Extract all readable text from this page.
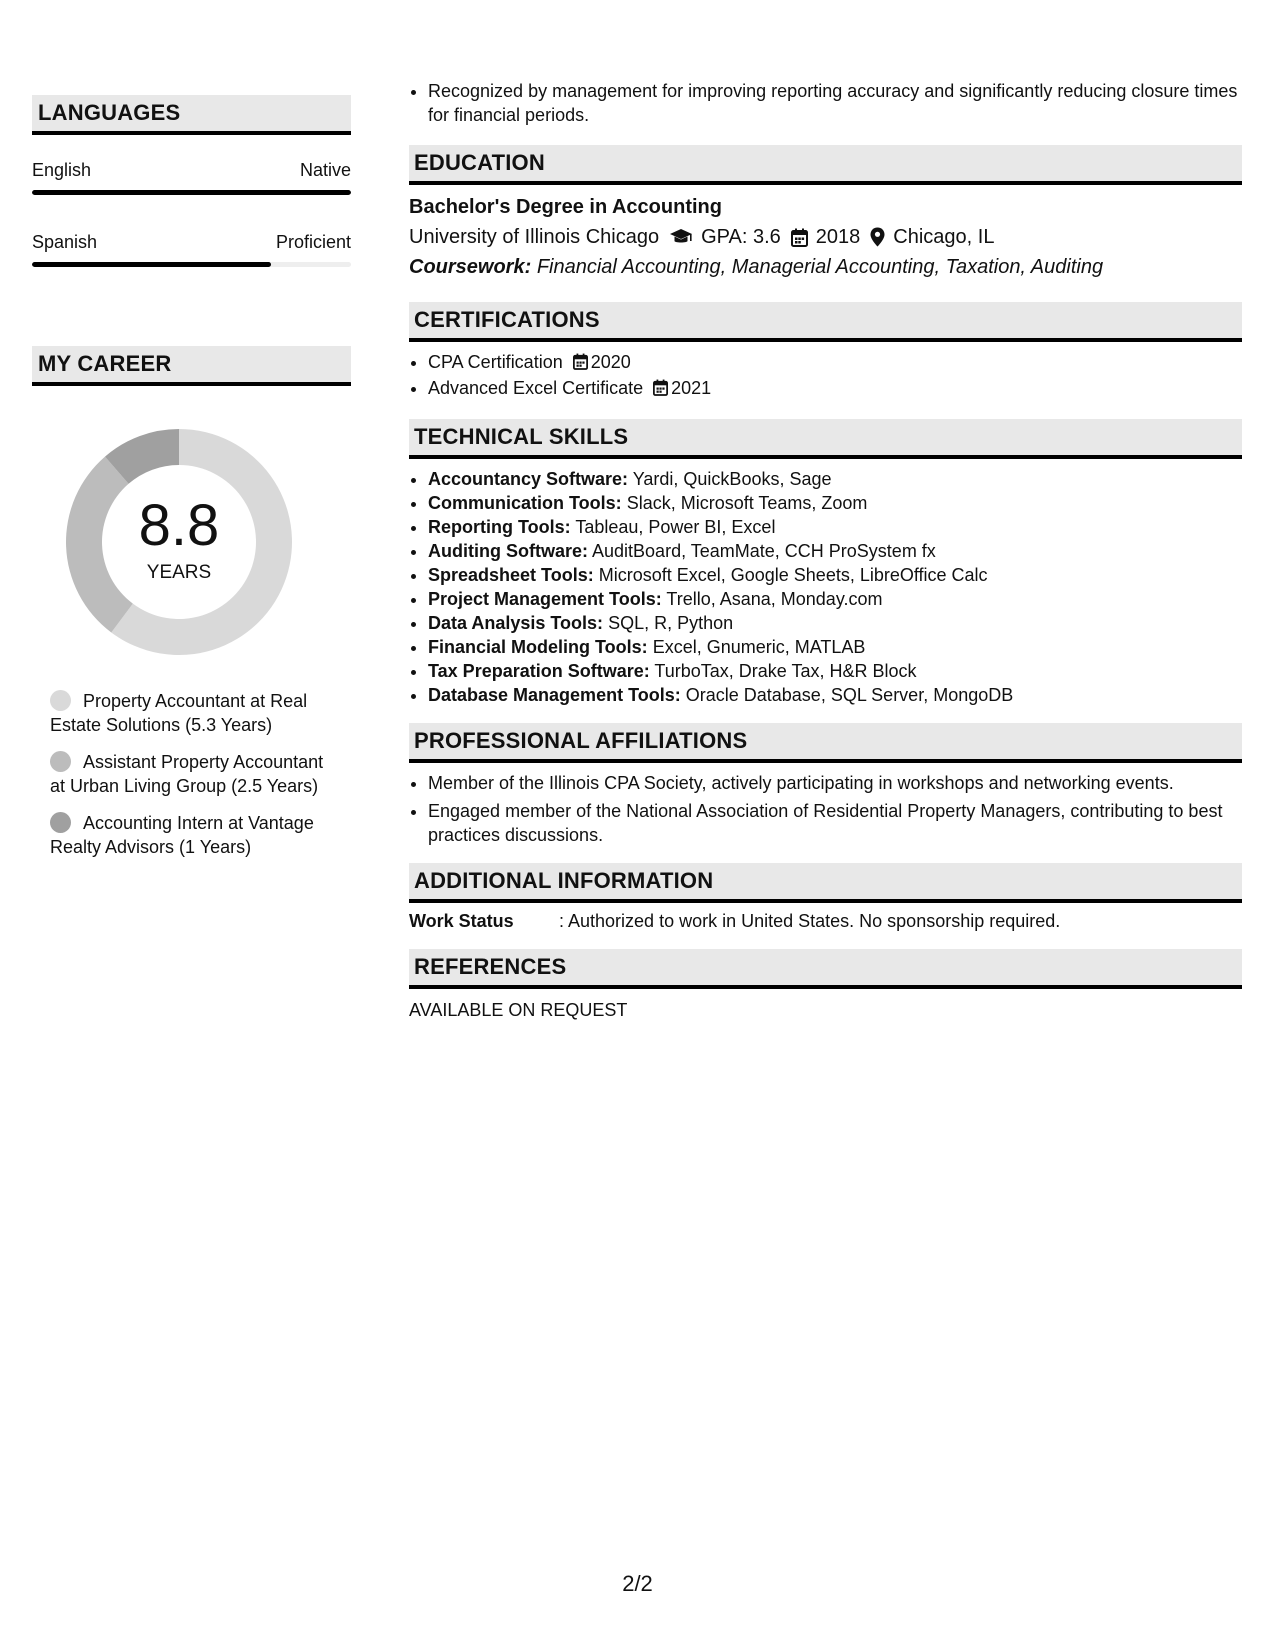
LANGUAGES
English	Native
Spanish	Proficient
MY CAREER
8.8
YEARS
Property Accountant at Real Estate Solutions (5.3 Years)
Assistant Property Accountant at Urban Living Group (2.5 Years)
Accounting Intern at Vantage Realty Advisors (1 Years)
• Recognized by management for improving reporting accuracy and significantly reducing closure times for financial periods.
EDUCATION
Bachelor's Degree in Accounting
University of Illinois Chicago GPA: 3.6 2018 Chicago, IL
Coursework: Financial Accounting, Managerial Accounting, Taxation, Auditing
CERTIFICATIONS
• CPA Certification 2020
• Advanced Excel Certificate 2021
TECHNICAL SKILLS
• Accountancy Software: Yardi, QuickBooks, Sage
• Communication Tools: Slack, Microsoft Teams, Zoom
• Reporting Tools: Tableau, Power BI, Excel
• Auditing Software: AuditBoard, TeamMate, CCH ProSystem fx
• Spreadsheet Tools: Microsoft Excel, Google Sheets, LibreOffice Calc
• Project Management Tools: Trello, Asana, Monday.com
• Data Analysis Tools: SQL, R, Python
• Financial Modeling Tools: Excel, Gnumeric, MATLAB
• Tax Preparation Software: TurboTax, Drake Tax, H&R Block
• Database Management Tools: Oracle Database, SQL Server, MongoDB
PROFESSIONAL AFFILIATIONS
• Member of the Illinois CPA Society, actively participating in workshops and networking events.
• Engaged member of the National Association of Residential Property Managers, contributing to best practices discussions.
ADDITIONAL INFORMATION
Work Status	: Authorized to work in United States. No sponsorship required.
REFERENCES
AVAILABLE ON REQUEST
2/2
